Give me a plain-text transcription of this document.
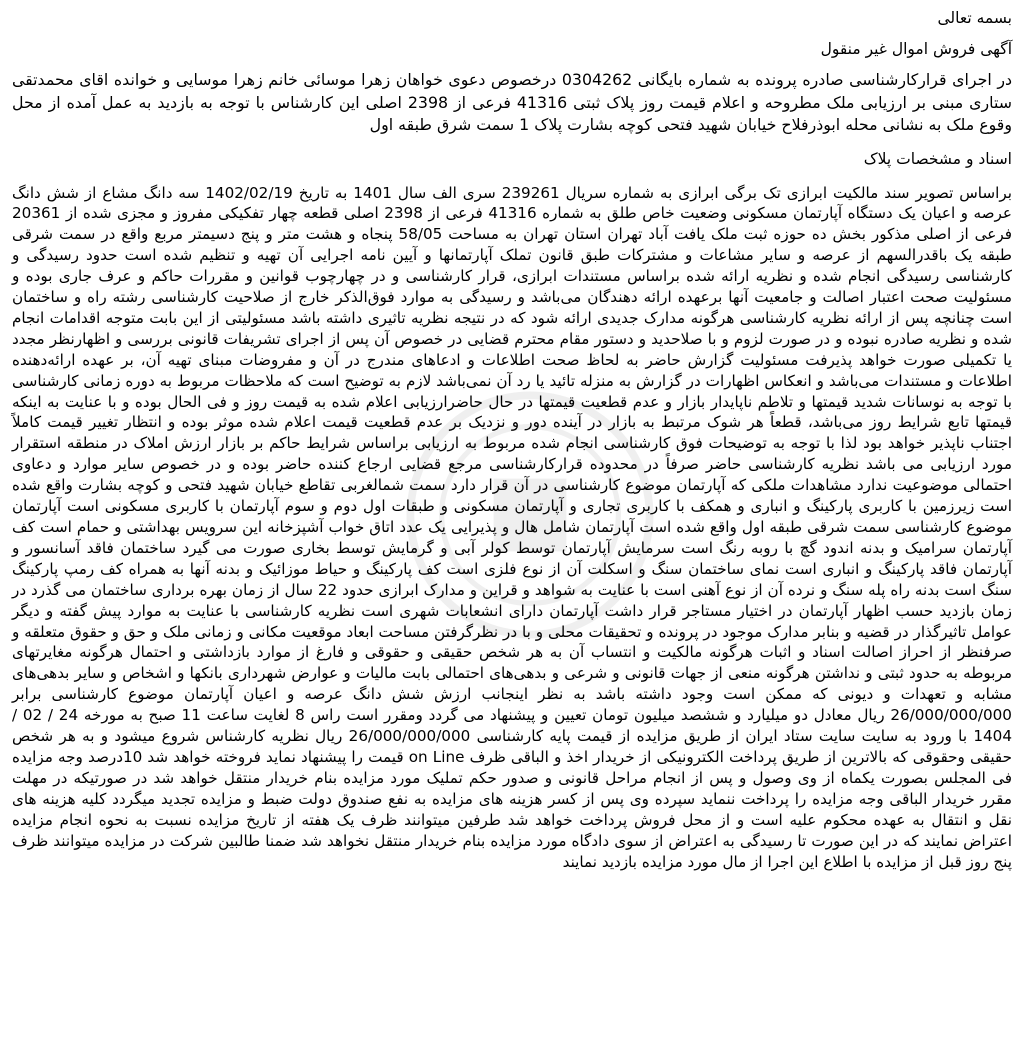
بسمه تعالی

آگهی فروش اموال غیر منقول

در اجرای قرارکارشناسی صادره پرونده به شماره بایگانی 0304262 درخصوص دعوی خواهان زهرا موسائی خانم زهرا موسایی و خوانده اقای محمدتقی ستاری مبنی بر ارزیابی ملک مطروحه و اعلام قیمت روز پلاک ثبتی 41316 فرعی از 2398 اصلی این کارشناس با توجه به بازدید به عمل آمده از محل وقوع ملک به نشانی محله ابوذرفلاح خیابان شهید فتحی کوچه بشارت پلاک 1 سمت شرق طبقه اول

اسناد و مشخصات پلاک

براساس تصویر سند مالکیت ابرازی تک برگی ابرازی به شماره سریال 239261 سری الف سال 1401 به تاریخ 1402/02/19 سه دانگ مشاع از شش دانگ عرصه و اعیان یک دستگاه آپارتمان مسکونی وضعیت خاص طلق به شماره 41316 فرعی از 2398 اصلی قطعه چهار تفکیکی مفروز و مجزی شده از 20361 فرعی از اصلی مذکور بخش ده حوزه ثبت ملک یافت آباد تهران استان تهران به مساحت 58/05 پنجاه و هشت متر و پنج دسیمتر مربع واقع در سمت شرقی طبقه یک باقدرالسهم از عرصه و سایر مشاعات و مشترکات طبق قانون تملک آپارتمانها و آیین نامه اجرایی آن تهیه و تنظیم شده است حدود رسیدگی و کارشناسی رسیدگی انجام شده و نظریه ارائه شده براساس مستندات ابرازی، قرار کارشناسی و در چهارچوب قوانین و مقررات حاکم و عرف جاری بوده و مسئولیت صحت اعتبار اصالت و جامعیت آنها برعهده ارائه دهندگان می‌باشد و رسیدگی به موارد فوق‌الذکر خارج از صلاحیت کارشناسی رشته راه و ساختمان است چنانچه پس از ارائه نظریه کارشناسی هرگونه مدارک جدیدی ارائه شود که در نتیجه نظریه تاثیری داشته باشد مسئولیتی از این بابت متوجه اقدامات انجام شده و نظریه صادره نبوده و در صورت لزوم و با صلاحدید و دستور مقام محترم قضایی در خصوص آن پس از اجرای تشریفات قانونی بررسی و اظهارنظر مجدد یا تکمیلی صورت خواهد پذیرفت مسئولیت گزارش حاضر به لحاظ صحت اطلاعات و ادعاهای مندرج در آن و مفروضات مبنای تهیه آن، بر عهده ارائه‌دهنده اطلاعات و مستندات می‌باشد و انعکاس اظهارات در گزارش به منزله تائید یا رد آن نمی‌باشد لازم به توضیح است که ملاحظات مربوط به دوره زمانی کارشناسی با توجه به نوسانات شدید قیمتها و تلاطم ناپایدار بازار و عدم قطعیت قیمتها در حال حاضرارزیابی اعلام شده به قیمت روز و فی الحال بوده و با عنایت به اینکه قیمتها تابع شرایط روز می‌باشد، قطعاً هر شوک مرتبط به بازار در آینده دور و نزدیک بر عدم قطعیت قیمت اعلام شده موثر بوده و انتظار تغییر قیمت کاملاً اجتناب ناپذیر خواهد بود لذا با توجه به توضیحات فوق کارشناسی انجام شده مربوط به ارزیابی براساس شرایط حاکم بر بازار ارزش املاک در منطقه استقرار مورد ارزیابی می باشد نظریه کارشناسی حاضر صرفاً در محدوده قرارکارشناسی مرجع قضایی ارجاع کننده حاضر بوده و در خصوص سایر موارد و دعاوی احتمالی موضوعیت ندارد مشاهدات ملکی که آپارتمان موضوع کارشناسی در آن قرار دارد سمت شمالغربی تقاطع خیابان شهید فتحی و کوچه بشارت واقع شده است زیرزمین با کاربری پارکینگ و انباری و همکف با کاربری تجاری و آپارتمان مسکونی و طبقات اول دوم و سوم آپارتمان با کاربری مسکونی است آپارتمان موضوع کارشناسی سمت شرقی طبقه اول واقع شده است آپارتمان شامل هال و پذیرایی یک عدد اتاق خواب آشپزخانه این سرویس بهداشتی و حمام است کف آپارتمان سرامیک و بدنه اندود گچ با روبه رنگ است سرمایش آپارتمان توسط کولر آبی و گرمایش توسط بخاری صورت می گیرد ساختمان فاقد آسانسور و آپارتمان فاقد پارکینگ و انباری است نمای ساختمان سنگ و اسکلت آن از نوع فلزی است کف پارکینگ و حیاط موزائیک و بدنه آنها به همراه کف رمپ پارکینگ سنگ است بدنه راه پله سنگ و نرده آن از نوع آهنی است با عنایت به شواهد و قراین و مدارک ابرازی حدود 22 سال از زمان بهره برداری ساختمان می گذرد در زمان بازدید حسب اظهار آپارتمان در اختیار مستاجر قرار داشت آپارتمان دارای انشعابات شهری است نظریه کارشناسی با عنایت به موارد پیش گفته و دیگر عوامل تاثیرگذار در قضیه و بنابر مدارک موجود در پرونده و تحقیقات محلی و با در نظرگرفتن مساحت ابعاد موقعیت مکانی و زمانی ملک و حق و حقوق متعلقه و صرفنظر از احراز اصالت اسناد و اثبات هرگونه مالکیت و انتساب آن به هر شخص حقیقی و حقوقی و فارغ از موارد بازداشتی و احتمال هرگونه مغایرتهای مربوطه به حدود ثبتی و نداشتن هرگونه منعی از جهات قانونی و شرعی و بدهی‌های احتمالی بابت مالیات و عوارض شهرداری بانکها و اشخاص و سایر بدهی‌های مشابه و تعهدات و دیونی که ممکن است وجود داشته باشد به نظر اینجانب ارزش شش دانگ عرصه و اعیان آپارتمان موضوع کارشناسی برابر 26/000/000/000 ریال معادل دو میلیارد و ششصد میلیون تومان تعیین و پیشنهاد می گردد ومقرر است راس 8 لغایت ساعت 11 صبح به مورخه 24 / 02 / 1404 با ورود به سایت سایت ستاد ایران از طریق مزایده از قیمت پایه کارشناسی 26/000/000/000 ریال نظریه کارشناس شروع میشود و به هر شخص حقیقی وحقوقی که بالاترین از طریق پرداخت الکترونیکی از خریدار اخذ و الباقی ظرف on Line قیمت را پیشنهاد نماید فروخته خواهد شد 10درصد وجه مزایده فی المجلس بصورت یکماه از وی وصول و پس از انجام مراحل قانونی و صدور حکم تملیک مورد مزایده بنام خریدار منتقل خواهد شد در صورتیکه در مهلت مقرر خریدار الباقی وجه مزایده را پرداخت ننماید سپرده وی پس از کسر هزینه های مزایده به نفع صندوق دولت ضبط و مزایده تجدید میگردد کلیه هزینه های نقل و انتقال به عهده محکوم علیه است و از محل فروش پرداخت خواهد شد طرفین میتوانند ظرف یک هفته از تاریخ مزایده نسبت به نحوه انجام مزایده اعتراض نمایند که در این صورت تا رسیدگی به اعتراض از سوی دادگاه مورد مزایده بنام خریدار منتقل نخواهد شد ضمنا طالبین شرکت در مزایده میتوانند ظرف پنج روز قبل از مزایده با اطلاع این اجرا از مال مورد مزایده بازدید نمایند
